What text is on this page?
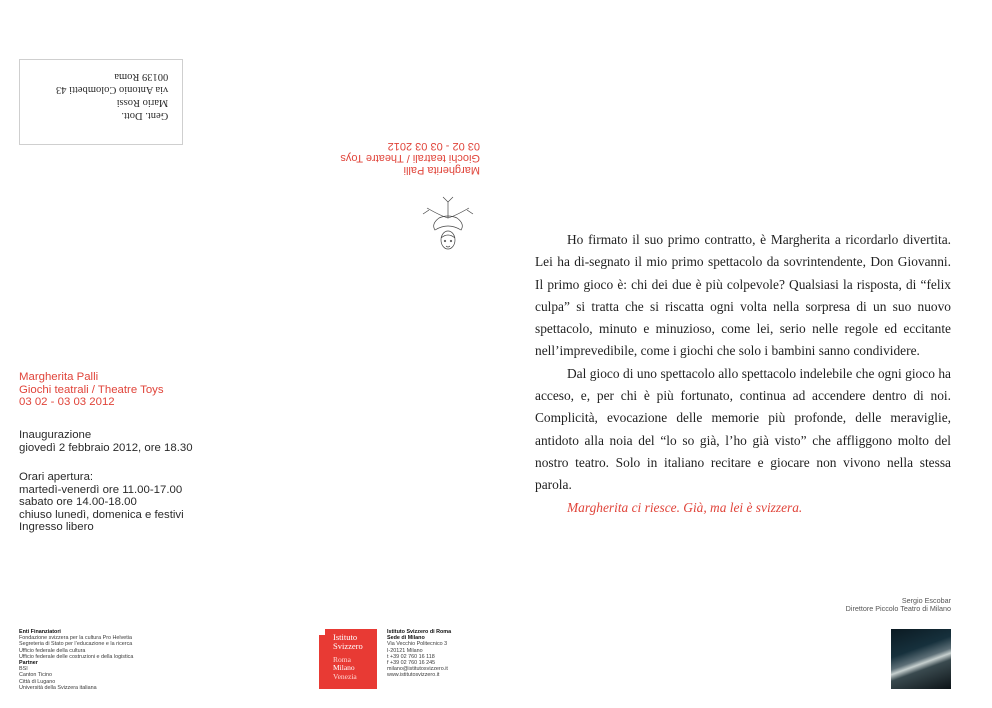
Gent. Dott.
Mario Rossi
via Antonio Colombetti 43
00139 Roma
Margherita Palli
Giochi teatrali / Theatre Toys
03 02 - 03 03 2012
Margherita Palli
Giochi teatrali / Theatre Toys
03 02 - 03 03 2012
Inaugurazione
giovedì 2 febbraio 2012, ore 18.30
Orari apertura:
martedì-venerdì ore 11.00-17.00
sabato ore 14.00-18.00
chiuso lunedì, domenica e festivi
Ingresso libero

Ho firmato il suo primo contratto, è Margherita a ricordarlo divertita. Lei ha di-segnato il mio primo spettacolo da sovrintendente, Don Giovanni. Il primo gioco è: chi dei due è più colpevole? Qualsiasi la risposta, di “felix culpa” si tratta che si riscatta ogni volta nella sorpresa di un suo nuovo spettacolo, minuto e minuzioso, come lei, serio nelle regole ed eccitante nell’imprevedibile, come i giochi che solo i bambini sanno condividere.

Dal gioco di uno spettacolo allo spettacolo indelebile che ogni gioco ha acceso, e, per chi è più fortunato, continua ad accendere dentro di noi. Complicità, evocazione delle memorie più profonde, delle meraviglie, antidoto alla noia del “lo so già, l’ho già visto” che affliggono molto del nostro teatro. Solo in italiano recitare e giocare non vivono nella stessa parola.

Margherita ci riesce. Già, ma lei è svizzera.

Sergio Escobar
Direttore Piccolo Teatro di Milano
Enti Finanziatori
Fondazione svizzera per la cultura Pro Helvetia
Segreteria di Stato per l’educazione e la ricerca
Ufficio federale della cultura
Ufficio federale delle costruzioni e della logistica
Partner
BSI
Canton Ticino
Città di Lugano
Università della Svizzera italiana
Istituto
Svizzero
Roma
Milano
Venezia
Istituto Svizzero di Roma
Sede di Milano
Via Vecchio Politecnico 3
I-20121 Milano
t +39 02 760 16 118
f +39 02 760 16 245
milano@istitutosvizzero.it
www.istitutosvizzero.it
